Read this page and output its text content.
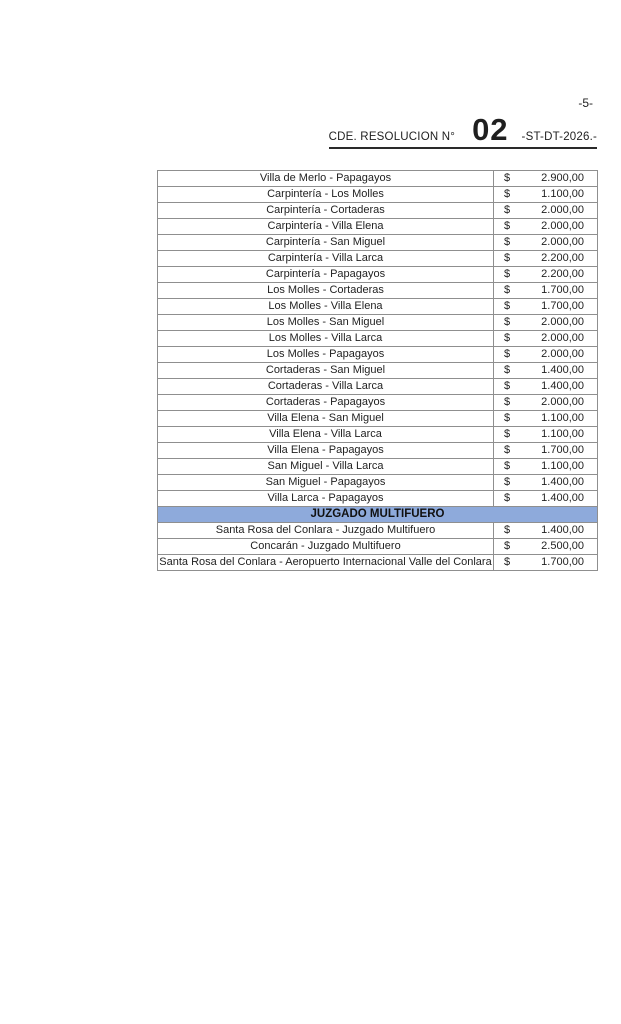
-5-
CDE. RESOLUCION N° 02 -ST-DT-2026.-
Villa de Merlo - Papagayos	$ 2.900,00

Carpintería - Los Molles	$ 1.100,00

Carpintería - Cortaderas	$ 2.000,00

Carpintería - Villa Elena	$ 2.000,00

Carpintería - San Miguel	$ 2.000,00

Carpintería - Villa Larca	$ 2.200,00

Carpintería - Papagayos	$ 2.200,00

Los Molles - Cortaderas	$ 1.700,00

Los Molles - Villa Elena	$ 1.700,00

Los Molles - San Miguel	$ 2.000,00

Los Molles - Villa Larca	$ 2.000,00

Los Molles - Papagayos	$ 2.000,00

Cortaderas - San Miguel	$ 1.400,00

Cortaderas - Villa Larca	$ 1.400,00

Cortaderas - Papagayos	$ 2.000,00

Villa Elena - San Miguel	$ 1.100,00

Villa Elena - Villa Larca	$ 1.100,00

Villa Elena - Papagayos	$ 1.700,00

San Miguel - Villa Larca	$ 1.100,00

San Miguel - Papagayos	$ 1.400,00

Villa Larca - Papagayos	$ 1.400,00

JUZGADO MULTIFUERO	
Santa Rosa del Conlara - Juzgado Multifuero	$ 1.400,00

Concarán - Juzgado Multifuero	$ 2.500,00

Santa Rosa del Conlara - Aeropuerto Internacional Valle del Conlara	$ 1.700,00
